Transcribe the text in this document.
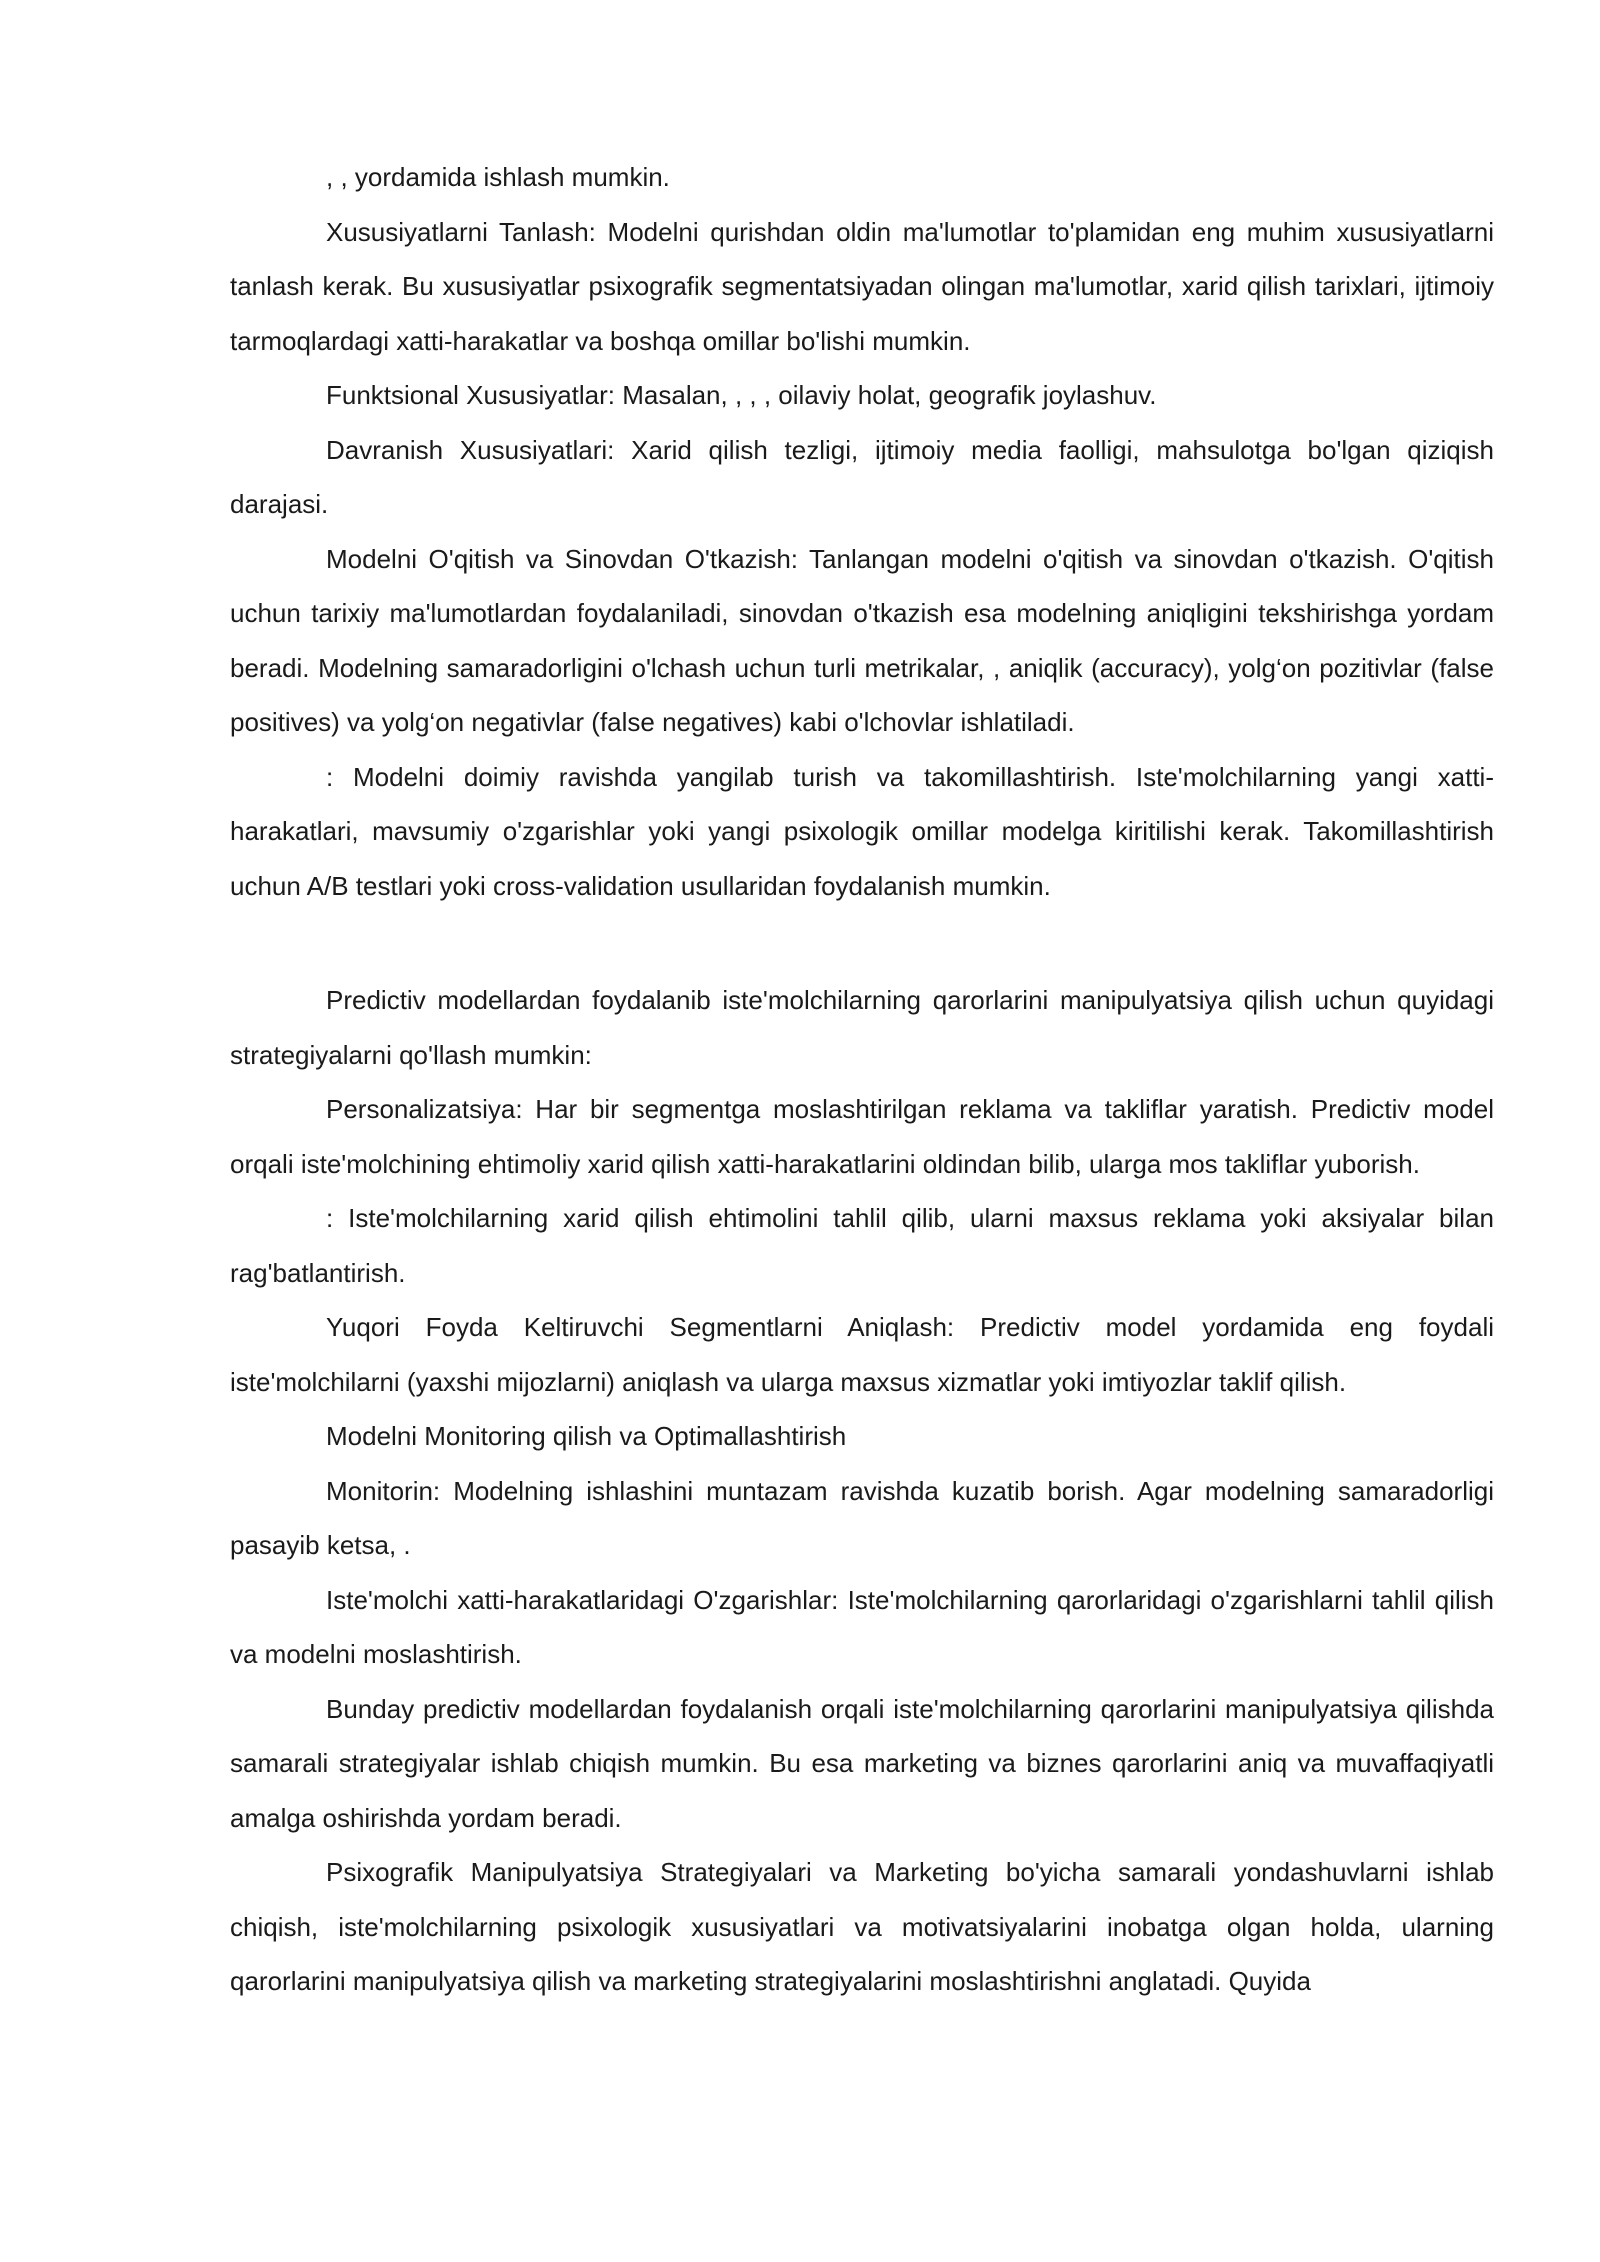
, , yordamida ishlash mumkin.

Xususiyatlarni Tanlash: Modelni qurishdan oldin ma'lumotlar to'plamidan eng muhim xususiyatlarni tanlash kerak. Bu xususiyatlar psixografik segmentatsiyadan olingan ma'lumotlar, xarid qilish tarixlari, ijtimoiy tarmoqlardagi xatti-harakatlar va boshqa omillar bo'lishi mumkin.

Funktsional Xususiyatlar: Masalan, , , , oilaviy holat, geografik joylashuv.

Davranish Xususiyatlari: Xarid qilish tezligi, ijtimoiy media faolligi, mahsulotga bo'lgan qiziqish darajasi.

Modelni O'qitish va Sinovdan O'tkazish: Tanlangan modelni o'qitish va sinovdan o'tkazish. O'qitish uchun tarixiy ma'lumotlardan foydalaniladi, sinovdan o'tkazish esa modelning aniqligini tekshirishga yordam beradi. Modelning samaradorligini o'lchash uchun turli metrikalar, , aniqlik (accuracy), yolg‘on pozitivlar (false positives) va yolg‘on negativlar (false negatives) kabi o'lchovlar ishlatiladi.

: Modelni doimiy ravishda yangilab turish va takomillashtirish. Iste'molchilarning yangi xatti-harakatlari, mavsumiy o'zgarishlar yoki yangi psixologik omillar modelga kiritilishi kerak. Takomillashtirish uchun A/B testlari yoki cross-validation usullaridan foydalanish mumkin.

Predictiv modellardan foydalanib iste'molchilarning qarorlarini manipulyatsiya qilish uchun quyidagi strategiyalarni qo'llash mumkin:

Personalizatsiya: Har bir segmentga moslashtirilgan reklama va takliflar yaratish. Predictiv model orqali iste'molchining ehtimoliy xarid qilish xatti-harakatlarini oldindan bilib, ularga mos takliflar yuborish.

: Iste'molchilarning xarid qilish ehtimolini tahlil qilib, ularni maxsus reklama yoki aksiyalar bilan rag'batlantirish.

Yuqori Foyda Keltiruvchi Segmentlarni Aniqlash: Predictiv model yordamida eng foydali iste'molchilarni (yaxshi mijozlarni) aniqlash va ularga maxsus xizmatlar yoki imtiyozlar taklif qilish.

Modelni Monitoring qilish va Optimallashtirish

Monitorin: Modelning ishlashini muntazam ravishda kuzatib borish. Agar modelning samaradorligi pasayib ketsa, .

Iste'molchi xatti-harakatlaridagi O'zgarishlar: Iste'molchilarning qarorlaridagi o'zgarishlarni tahlil qilish va modelni moslashtirish.

Bunday predictiv modellardan foydalanish orqali iste'molchilarning qarorlarini manipulyatsiya qilishda samarali strategiyalar ishlab chiqish mumkin. Bu esa marketing va biznes qarorlarini aniq va muvaffaqiyatli amalga oshirishda yordam beradi.

Psixografik Manipulyatsiya Strategiyalari va Marketing bo'yicha samarali yondashuvlarni ishlab chiqish, iste'molchilarning psixologik xususiyatlari va motivatsiyalarini inobatga olgan holda, ularning qarorlarini manipulyatsiya qilish va marketing strategiyalarini moslashtirishni anglatadi. Quyida
